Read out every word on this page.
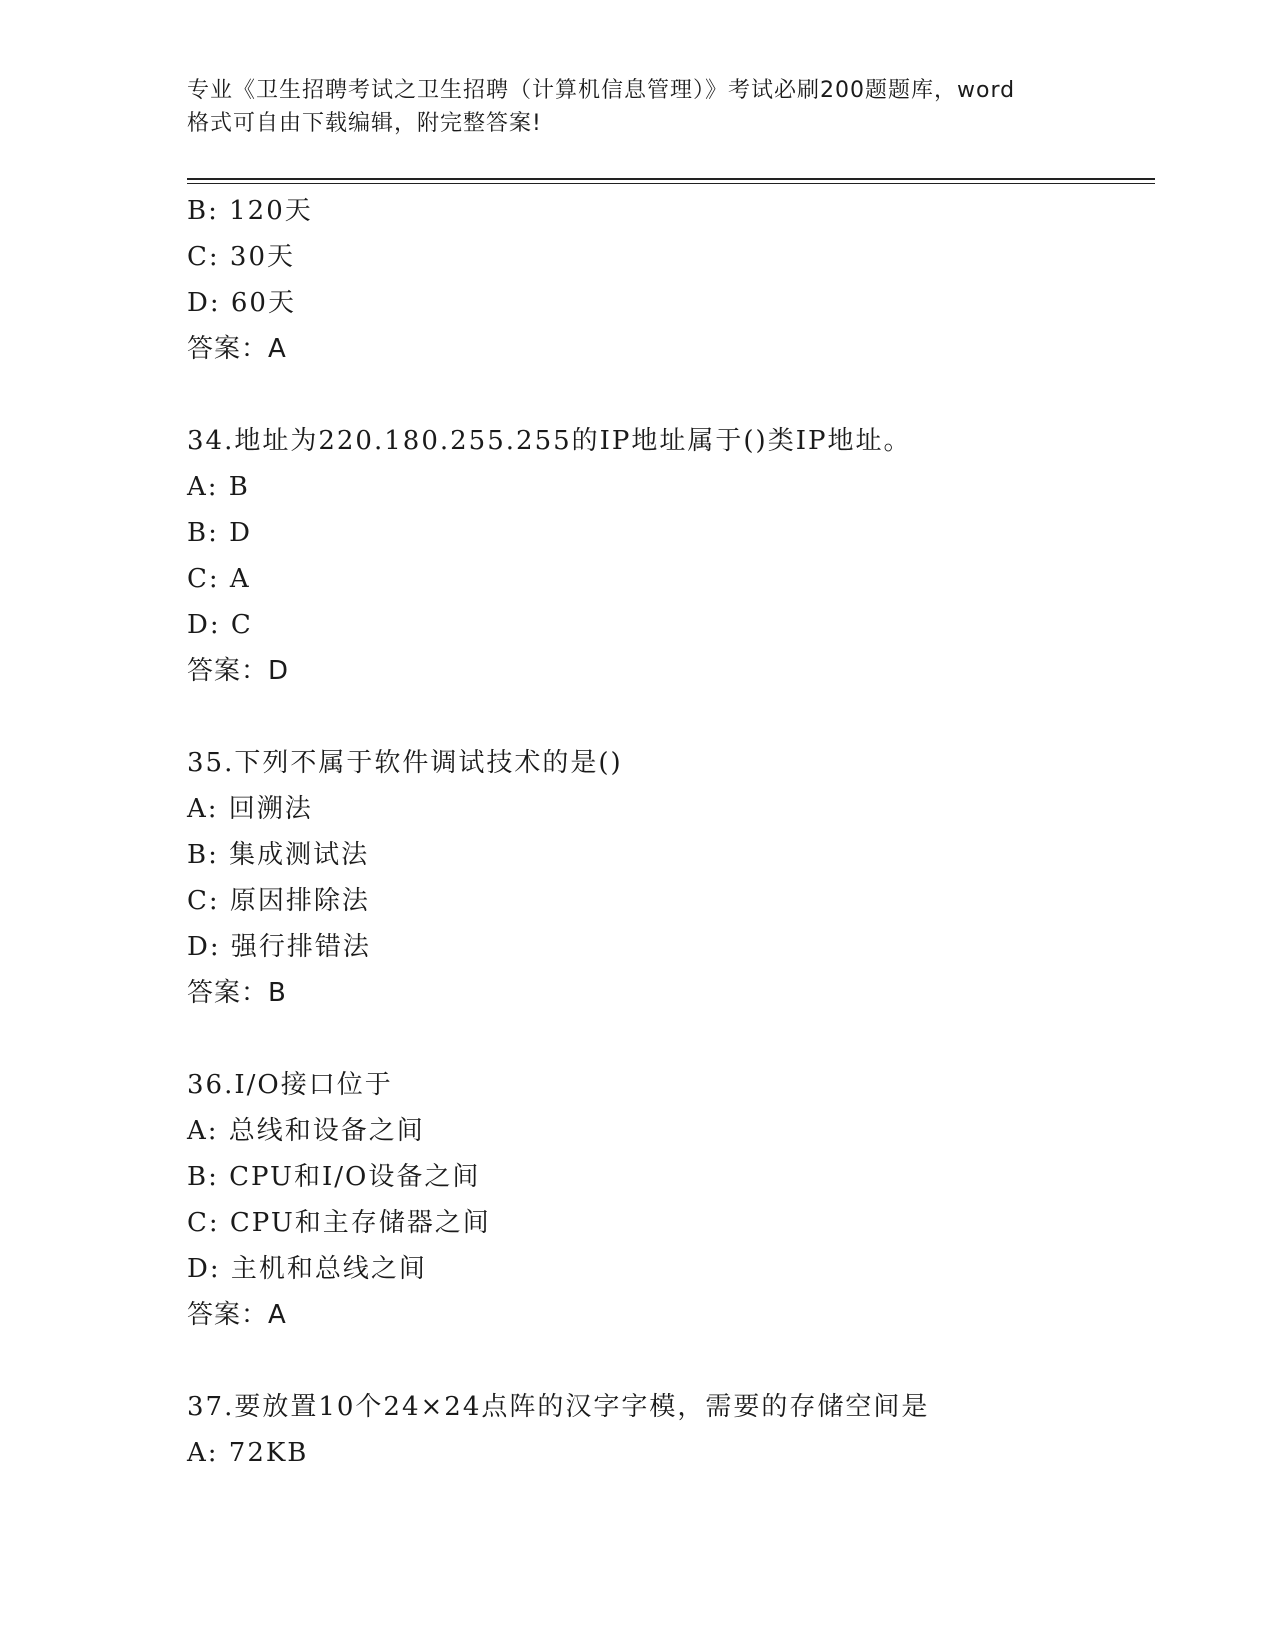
专业《卫生招聘考试之卫生招聘（计算机信息管理）》考试必刷200题题库，word
格式可自由下载编辑，附完整答案!
B: 120天
C: 30天
D: 60天
答案：A
34.地址为220.180.255.255的IP地址属于()类IP地址。
A: B
B: D
C: A
D: C
答案：D
35.下列不属于软件调试技术的是()
A: 回溯法
B: 集成测试法
C: 原因排除法
D: 强行排错法
答案：B
36.I/O接口位于
A: 总线和设备之间
B: CPU和I/O设备之间
C: CPU和主存储器之间
D: 主机和总线之间
答案：A
37.要放置10个24×24点阵的汉字字模，需要的存储空间是
A: 72KB
